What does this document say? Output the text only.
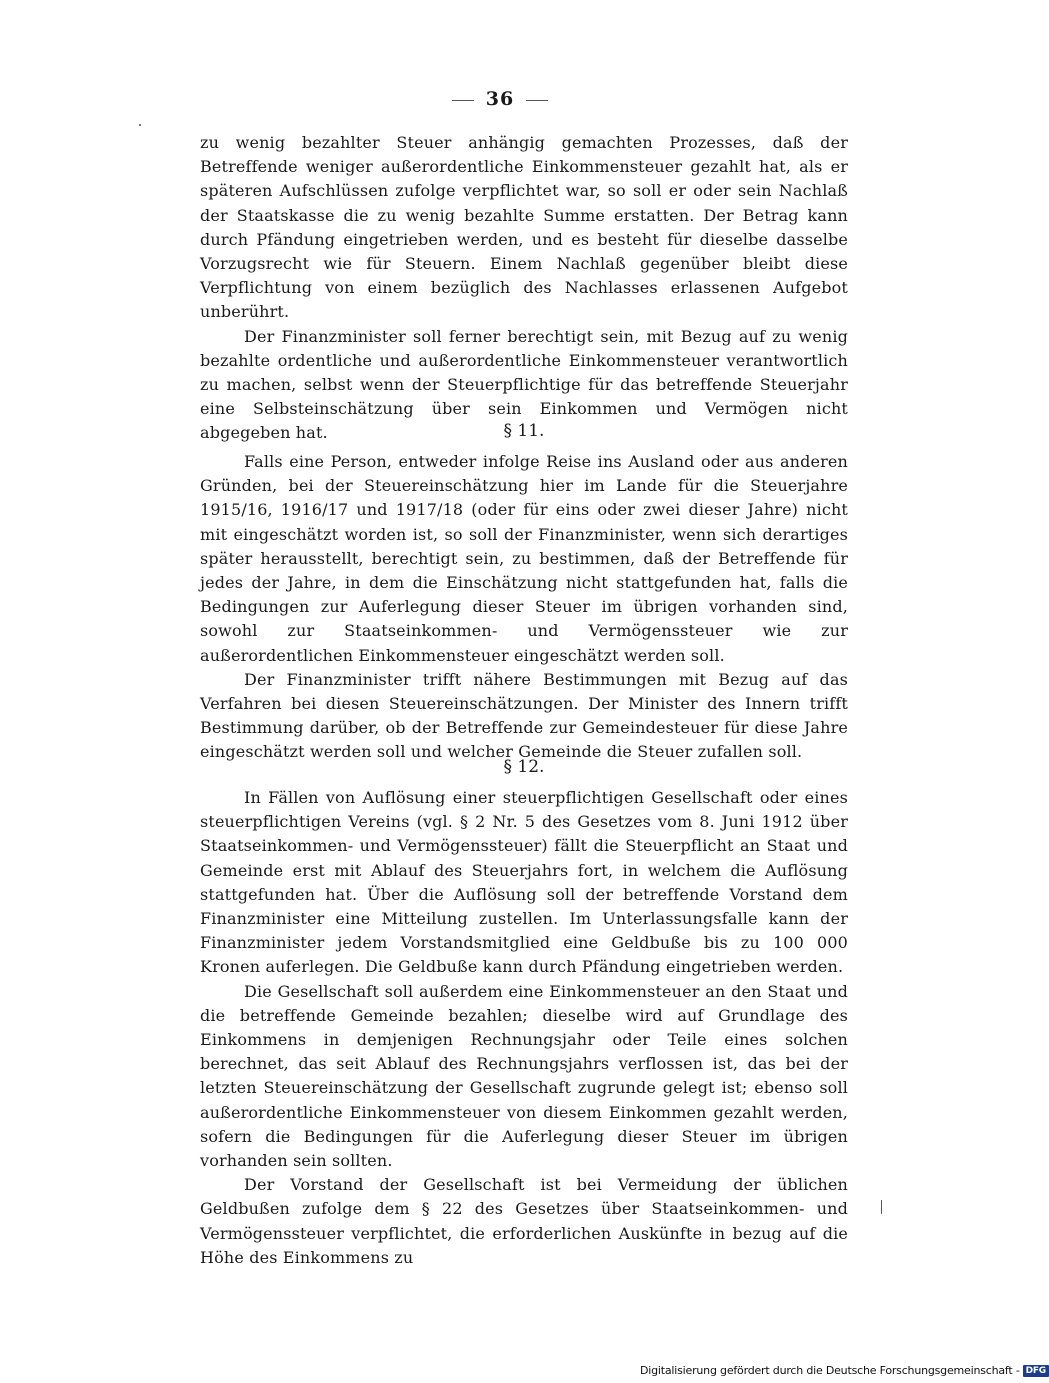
36

zu wenig bezahlter Steuer anhängig gemachten Prozesses, daß der Betreffende weniger außerordentliche Einkommensteuer gezahlt hat, als er späteren Aufschlüssen zufolge verpflichtet war, so soll er oder sein Nachlaß der Staatskasse die zu wenig bezahlte Summe erstatten. Der Betrag kann durch Pfändung eingetrieben werden, und es besteht für dieselbe dasselbe Vorzugsrecht wie für Steuern. Einem Nachlaß gegenüber bleibt diese Verpflichtung von einem bezüglich des Nachlasses erlassenen Aufgebot unberührt.

Der Finanzminister soll ferner berechtigt sein, mit Bezug auf zu wenig bezahlte ordentliche und außerordentliche Einkommensteuer verantwortlich zu machen, selbst wenn der Steuerpflichtige für das betreffende Steuerjahr eine Selbsteinschätzung über sein Einkommen und Vermögen nicht abgegeben hat.	§ 11.

Falls eine Person, entweder infolge Reise ins Ausland oder aus anderen Gründen, bei der Steuereinschätzung hier im Lande für die Steuerjahre 1915/16, 1916/17 und 1917/18 (oder für eins oder zwei dieser Jahre) nicht mit eingeschätzt worden ist, so soll der Finanzminister, wenn sich derartiges später herausstellt, berechtigt sein, zu bestimmen, daß der Betreffende für jedes der Jahre, in dem die Einschätzung nicht stattgefunden hat, falls die Bedingungen zur Auferlegung dieser Steuer im übrigen vorhanden sind, sowohl zur Staatseinkommen- und Vermögenssteuer wie zur außerordentlichen Einkommensteuer eingeschätzt werden soll.

Der Finanzminister trifft nähere Bestimmungen mit Bezug auf das Verfahren bei diesen Steuereinschätzungen. Der Minister des Innern trifft Bestimmung darüber, ob der Betreffende zur Gemeindesteuer für diese Jahre eingeschätzt werden soll und welcher Gemeinde die Steuer zufallen soll.

§ 12.

In Fällen von Auflösung einer steuerpflichtigen Gesellschaft oder eines steuerpflichtigen Vereins (vgl. § 2 Nr. 5 des Gesetzes vom 8. Juni 1912 über Staatseinkommen- und Vermögenssteuer) fällt die Steuerpflicht an Staat und Gemeinde erst mit Ablauf des Steuerjahrs fort, in welchem die Auflösung stattgefunden hat. Über die Auflösung soll der betreffende Vorstand dem Finanzminister eine Mitteilung zustellen. Im Unterlassungsfalle kann der Finanzminister jedem Vorstandsmitglied eine Geldbuße bis zu 100 000 Kronen auferlegen. Die Geldbuße kann durch Pfändung eingetrieben werden.

Die Gesellschaft soll außerdem eine Einkommensteuer an den Staat und die betreffende Gemeinde bezahlen; dieselbe wird auf Grundlage des Einkommens in demjenigen Rechnungsjahr oder Teile eines solchen berechnet, das seit Ablauf des Rechnungsjahrs verflossen ist, das bei der letzten Steuereinschätzung der Gesellschaft zugrunde gelegt ist; ebenso soll außerordentliche Einkommensteuer von diesem Einkommen gezahlt werden, sofern die Bedingungen für die Auferlegung dieser Steuer im übrigen vorhanden sein sollten.

Der Vorstand der Gesellschaft ist bei Vermeidung der üblichen Geldbußen zufolge dem § 22 des Gesetzes über Staatseinkommen- und Vermögenssteuer verpflichtet, die erforderlichen Auskünfte in bezug auf die Höhe des Einkommens zu

Digitalisierung gefördert durch die Deutsche Forschungsgemeinschaft - DFG
